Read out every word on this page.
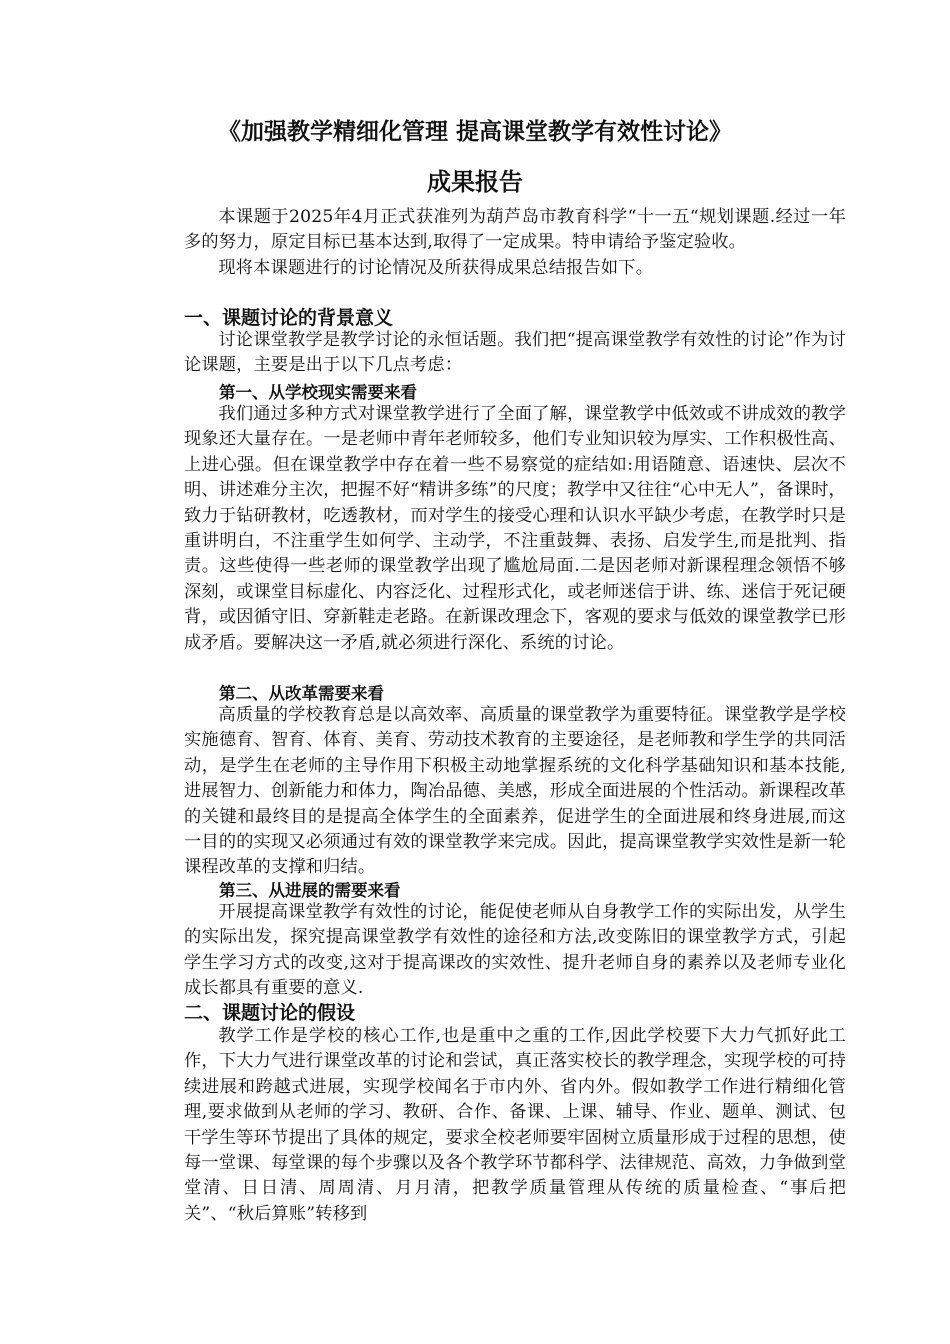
《加强教学精细化管理 提高课堂教学有效性讨论》
成果报告

本课题于2025年4月正式获准列为葫芦岛市教育科学“十一五“规划课题.经过一年多的努力，原定目标已基本达到,取得了一定成果。特申请给予鉴定验收。

现将本课题进行的讨论情况及所获得成果总结报告如下。

一、课题讨论的背景意义

讨论课堂教学是教学讨论的永恒话题。我们把“提高课堂教学有效性的讨论”作为讨论课题，主要是出于以下几点考虑：

第一、从学校现实需要来看

我们通过多种方式对课堂教学进行了全面了解，课堂教学中低效或不讲成效的教学现象还大量存在。一是老师中青年老师较多，他们专业知识较为厚实、工作积极性高、上进心强。但在课堂教学中存在着一些不易察觉的症结如:用语随意、语速快、层次不明、讲述难分主次，把握不好“精讲多练”的尺度；教学中又往往“心中无人”，备课时，致力于钻研教材，吃透教材，而对学生的接受心理和认识水平缺少考虑，在教学时只是重讲明白，不注重学生如何学、主动学，不注重鼓舞、表扬、启发学生,而是批判、指责。这些使得一些老师的课堂教学出现了尴尬局面.二是因老师对新课程理念领悟不够深刻，或课堂目标虚化、内容泛化、过程形式化，或老师迷信于讲、练、迷信于死记硬背，或因循守旧、穿新鞋走老路。在新课改理念下，客观的要求与低效的课堂教学已形成矛盾。要解决这一矛盾,就必须进行深化、系统的讨论。

第二、从改革需要来看

高质量的学校教育总是以高效率、高质量的课堂教学为重要特征。课堂教学是学校实施德育、智育、体育、美育、劳动技术教育的主要途径，是老师教和学生学的共同活动，是学生在老师的主导作用下积极主动地掌握系统的文化科学基础知识和基本技能,进展智力、创新能力和体力，陶冶品德、美感，形成全面进展的个性活动。新课程改革的关键和最终目的是提高全体学生的全面素养，促进学生的全面进展和终身进展,而这一目的的实现又必须通过有效的课堂教学来完成。因此，提高课堂教学实效性是新一轮课程改革的支撑和归结。

第三、从进展的需要来看

开展提高课堂教学有效性的讨论，能促使老师从自身教学工作的实际出发，从学生的实际出发，探究提高课堂教学有效性的途径和方法,改变陈旧的课堂教学方式，引起学生学习方式的改变,这对于提高课改的实效性、提升老师自身的素养以及老师专业化成长都具有重要的意义.

二、课题讨论的假设

教学工作是学校的核心工作,也是重中之重的工作,因此学校要下大力气抓好此工作，下大力气进行课堂改革的讨论和尝试，真正落实校长的教学理念，实现学校的可持续进展和跨越式进展，实现学校闻名于市内外、省内外。假如教学工作进行精细化管理,要求做到从老师的学习、教研、合作、备课、上课、辅导、作业、题单、测试、包干学生等环节提出了具体的规定，要求全校老师要牢固树立质量形成于过程的思想，使每一堂课、每堂课的每个步骤以及各个教学环节都科学、法律规范、高效，力争做到堂堂清、日日清、周周清、月月清，把教学质量管理从传统的质量检查、“事后把关”、“秋后算账”转移到
